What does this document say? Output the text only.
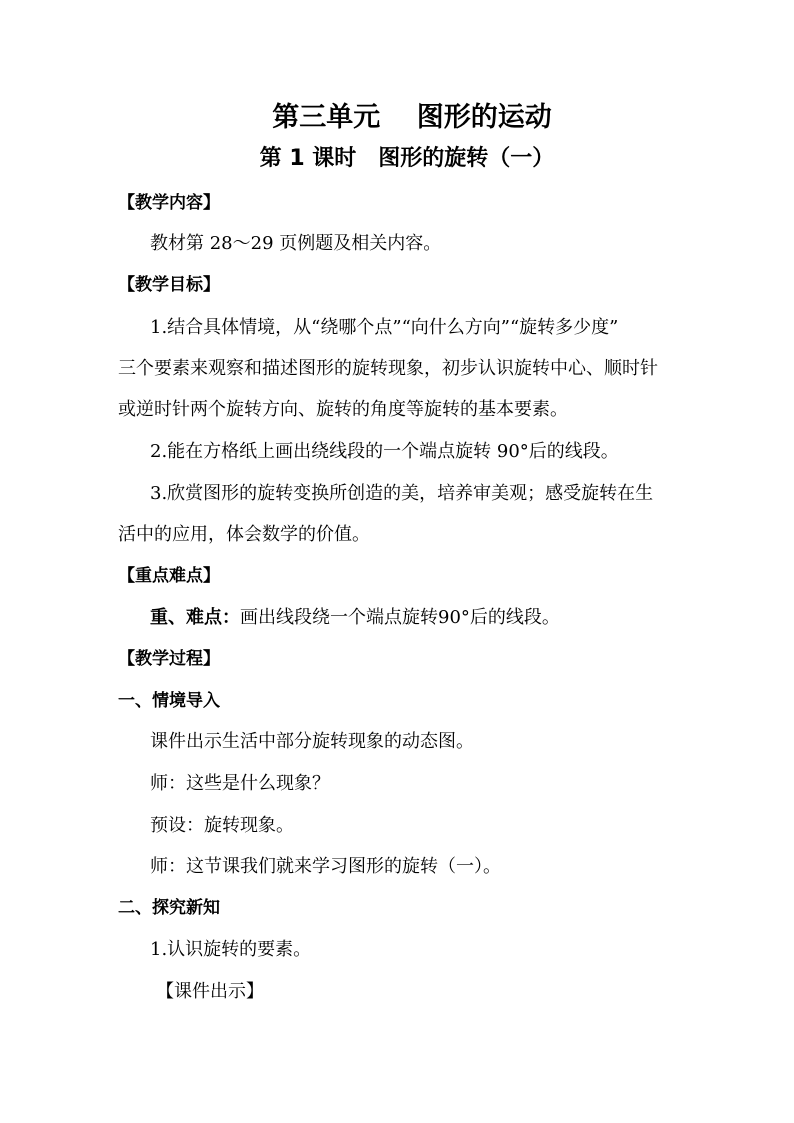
第三单元　 图形的运动
第 1 课时　图形的旋转（一）
【教学内容】
教材第 28～29 页例题及相关内容。
【教学目标】
1.结合具体情境，从“绕哪个点”“向什么方向”“旋转多少度”
三个要素来观察和描述图形的旋转现象，初步认识旋转中心、顺时针
或逆时针两个旋转方向、旋转的角度等旋转的基本要素。
2.能在方格纸上画出绕线段的一个端点旋转 90°后的线段。
3.欣赏图形的旋转变换所创造的美，培养审美观；感受旋转在生
活中的应用，体会数学的价值。
【重点难点】
重、难点：画出线段绕一个端点旋转90°后的线段。
【教学过程】
一、情境导入
课件出示生活中部分旋转现象的动态图。
师：这些是什么现象？
预设：旋转现象。
师：这节课我们就来学习图形的旋转（一）。
二、探究新知
1.认识旋转的要素。
【课件出示】
